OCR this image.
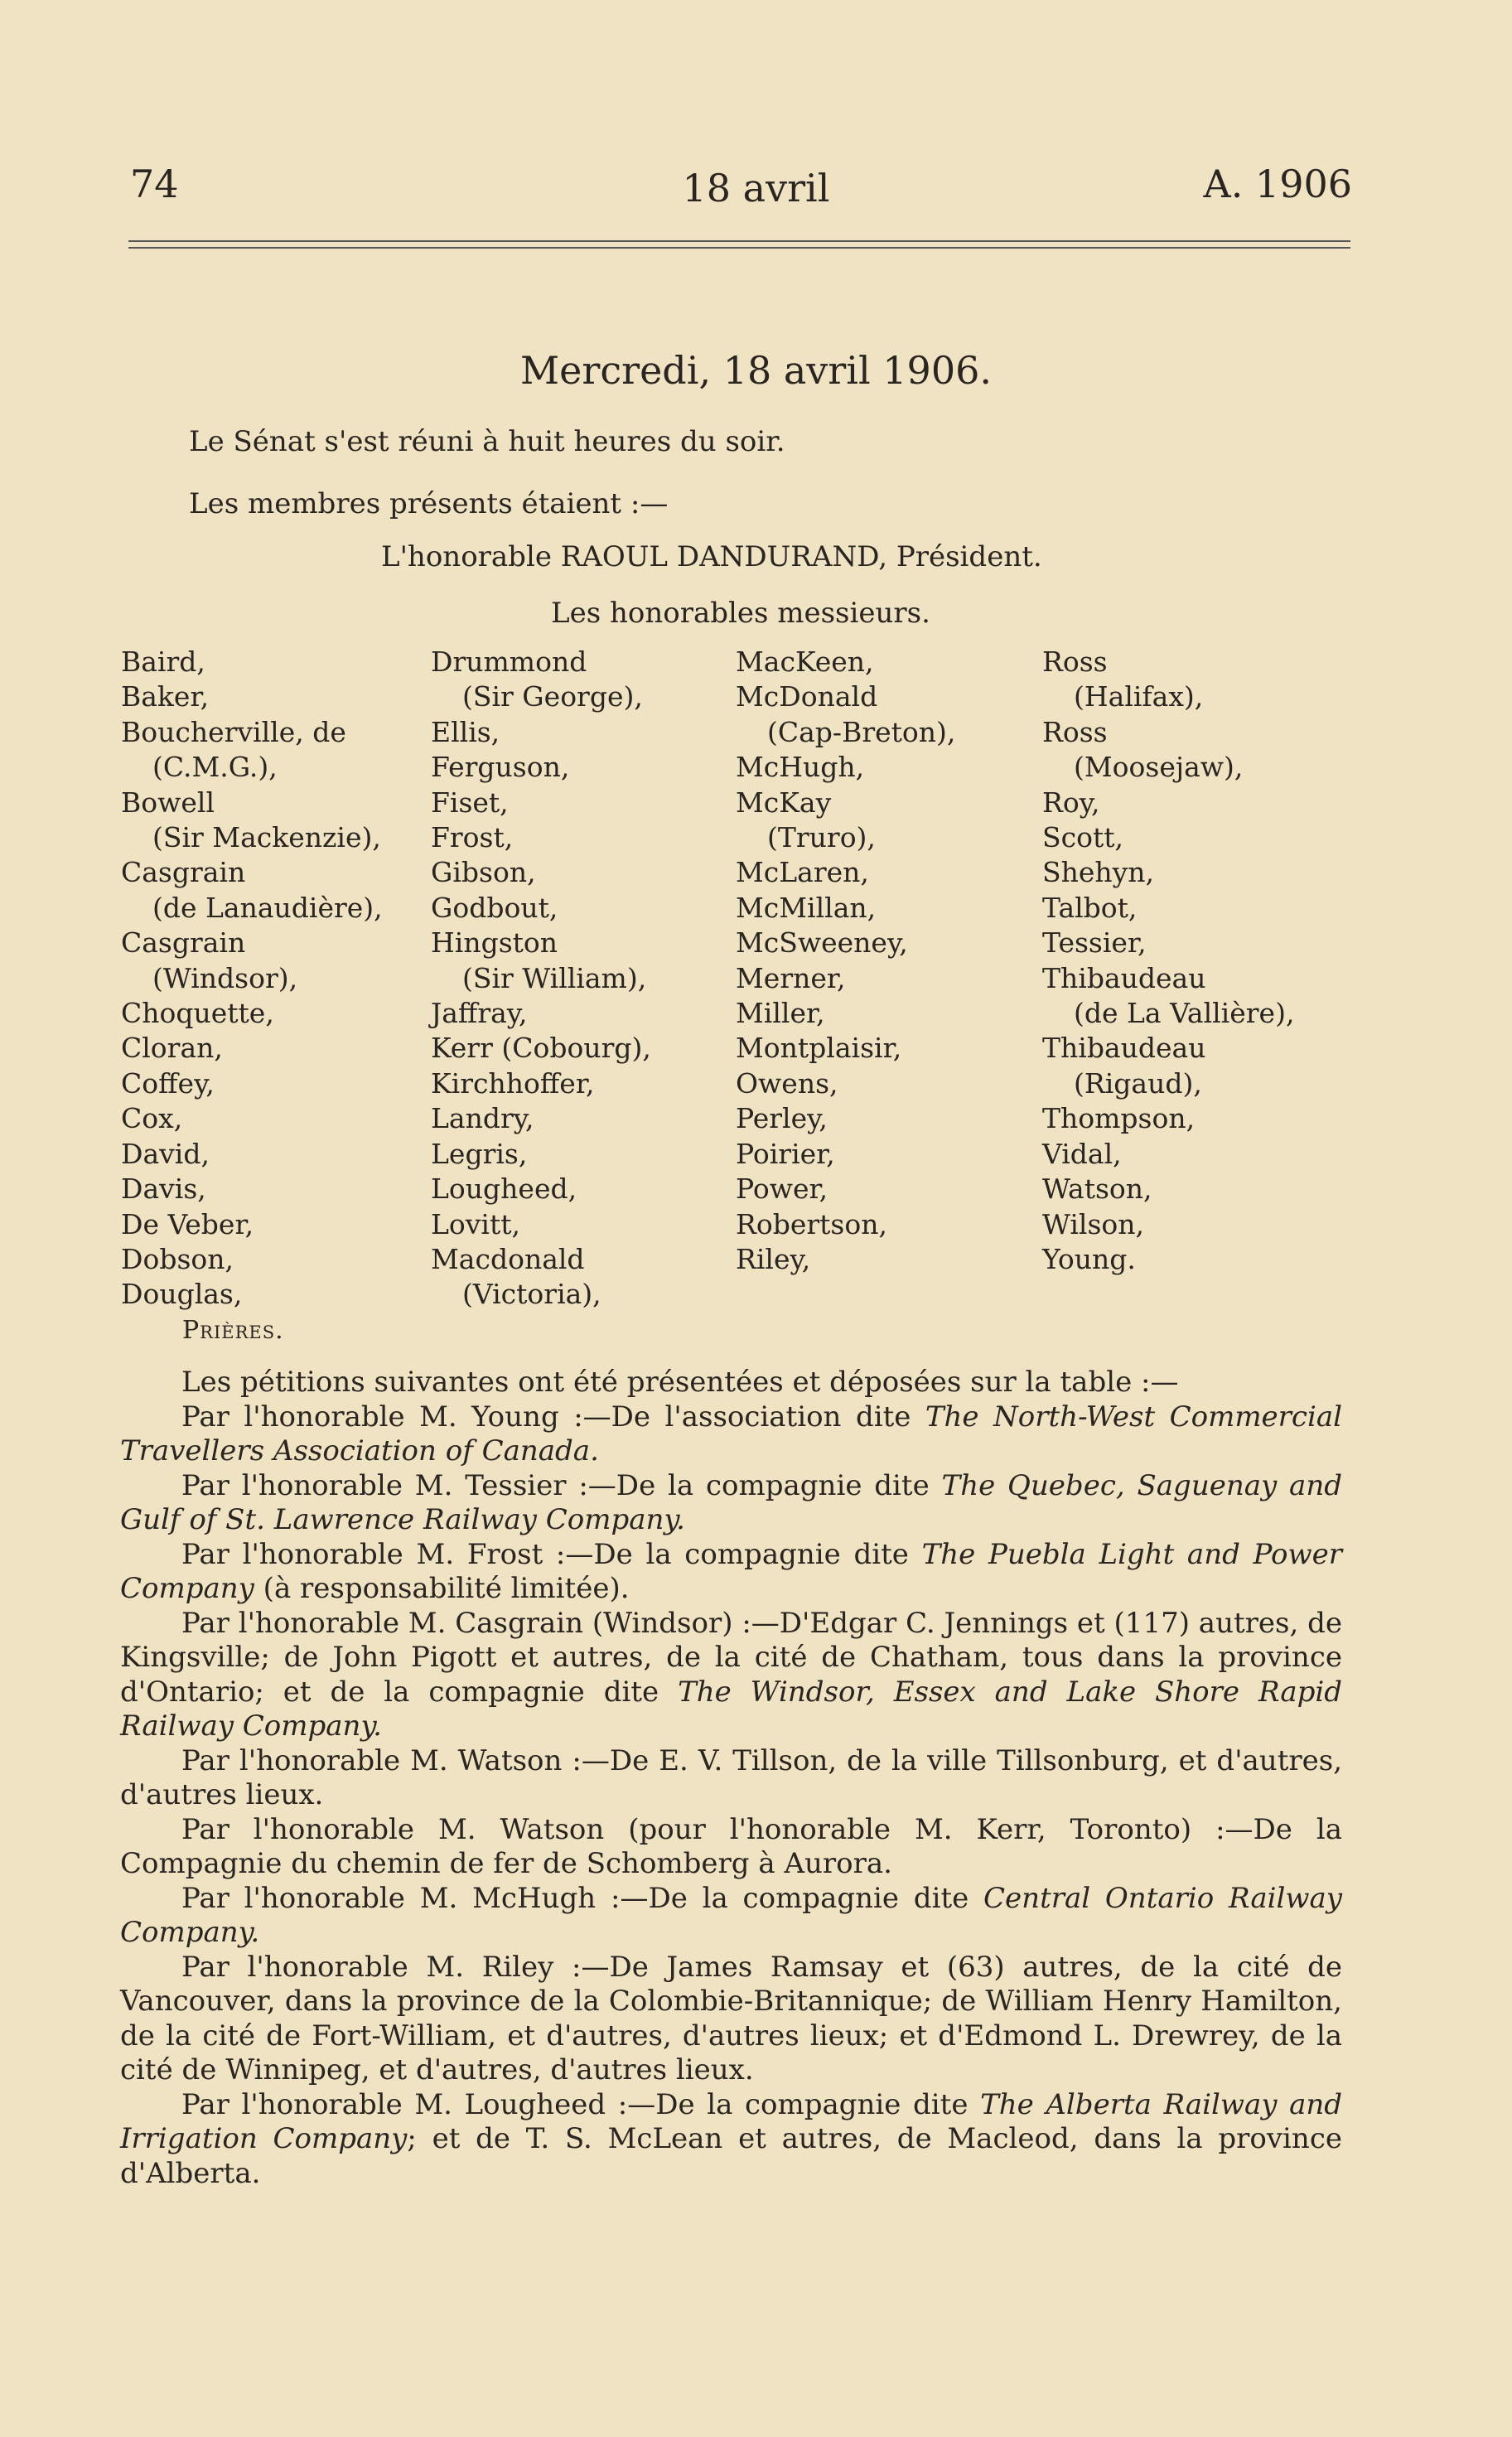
74	18 avril	A. 1906
Mercredi, 18 avril 1906.
Le Sénat s'est réuni à huit heures du soir.
Les membres présents étaient :—
L'honorable RAOUL DANDURAND, Président.
Les honorables messieurs.
Baird,
Baker,
Boucherville, de
(C.M.G.),
Bowell
(Sir Mackenzie),
Casgrain
(de Lanaudière),
Casgrain
(Windsor),
Choquette,
Cloran,
Coffey,
Cox,
David,
Davis,
De Veber,
Dobson,
Douglas,
Drummond
(Sir George),
Ellis,
Ferguson,
Fiset,
Frost,
Gibson,
Godbout,
Hingston
(Sir William),
Jaffray,
Kerr (Cobourg),
Kirchhoffer,
Landry,
Legris,
Lougheed,
Lovitt,
Macdonald
(Victoria),
MacKeen,
McDonald
(Cap-Breton),
McHugh,
McKay
(Truro),
McLaren,
McMillan,
McSweeney,
Merner,
Miller,
Montplaisir,
Owens,
Perley,
Poirier,
Power,
Robertson,
Riley,
Ross
(Halifax),
Ross
(Moosejaw),
Roy,
Scott,
Shehyn,
Talbot,
Tessier,
Thibaudeau
(de La Vallière),
Thibaudeau
(Rigaud),
Thompson,
Vidal,
Watson,
Wilson,
Young.
Prières.

Les pétitions suivantes ont été présentées et déposées sur la table :—

Par l'honorable M. Young :—De l'association dite The North-West Commercial Travellers Association of Canada.

Par l'honorable M. Tessier :—De la compagnie dite The Quebec, Saguenay and Gulf of St. Lawrence Railway Company.

Par l'honorable M. Frost :—De la compagnie dite The Puebla Light and Power Company (à responsabilité limitée).

Par l'honorable M. Casgrain (Windsor) :—D'Edgar C. Jennings et (117) autres, de Kingsville; de John Pigott et autres, de la cité de Chatham, tous dans la province d'Ontario; et de la compagnie dite The Windsor, Essex and Lake Shore Rapid Railway Company.

Par l'honorable M. Watson :—De E. V. Tillson, de la ville Tillsonburg, et d'autres, d'autres lieux.

Par l'honorable M. Watson (pour l'honorable M. Kerr, Toronto) :—De la Compagnie du chemin de fer de Schomberg à Aurora.

Par l'honorable M. McHugh :—De la compagnie dite Central Ontario Railway Company.

Par l'honorable M. Riley :—De James Ramsay et (63) autres, de la cité de Vancouver, dans la province de la Colombie-Britannique; de William Henry Hamilton, de la cité de Fort-William, et d'autres, d'autres lieux; et d'Edmond L. Drewrey, de la cité de Winnipeg, et d'autres, d'autres lieux.

Par l'honorable M. Lougheed :—De la compagnie dite The Alberta Railway and Irrigation Company; et de T. S. McLean et autres, de Macleod, dans la province d'Alberta.
